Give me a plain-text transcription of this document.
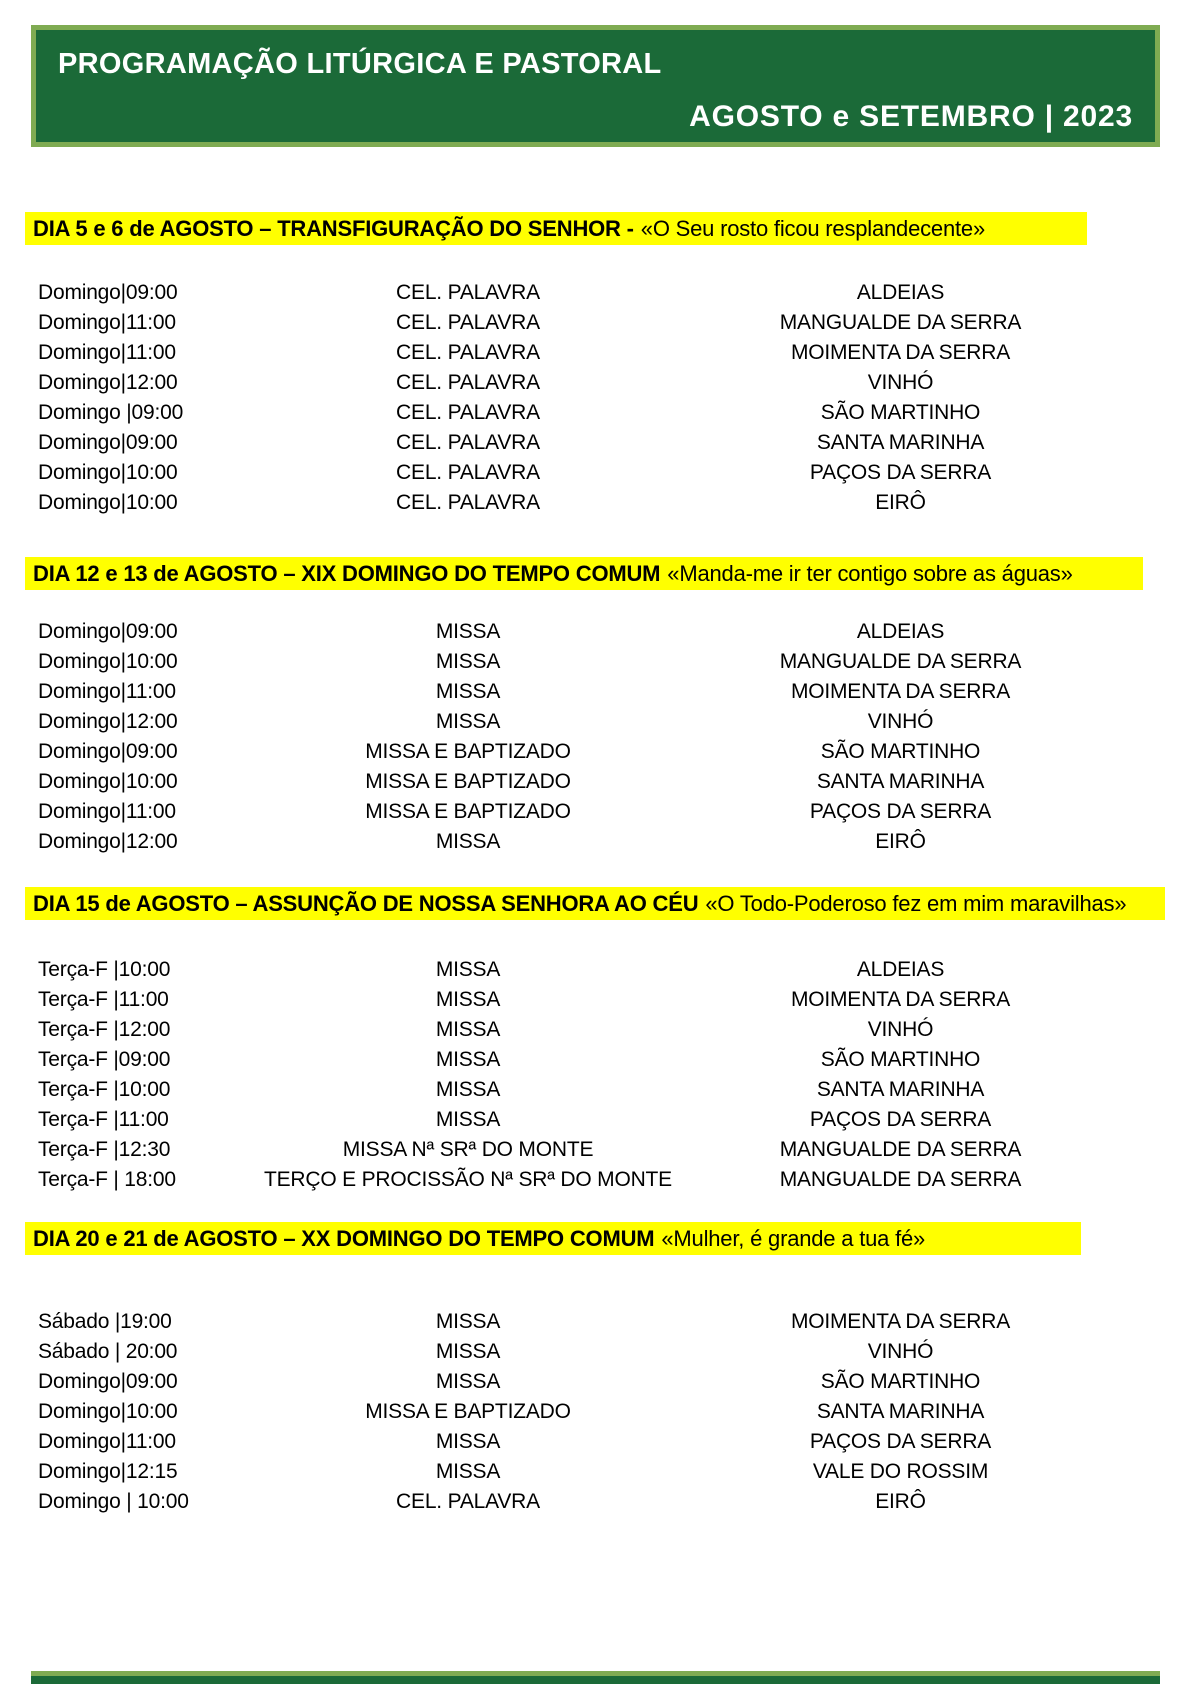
PROGRAMAÇÃO LITÚRGICA E PASTORAL
AGOSTO e SETEMBRO | 2023
DIA 5 e 6 de AGOSTO – TRANSFIGURAÇÃO DO SENHOR - «O Seu rosto ficou resplandecente»
Domingo|09:00	CEL. PALAVRA	ALDEIAS
Domingo|11:00	CEL. PALAVRA	MANGUALDE DA SERRA
Domingo|11:00	CEL. PALAVRA	MOIMENTA DA SERRA
Domingo|12:00	CEL. PALAVRA	VINHÓ
Domingo |09:00	CEL. PALAVRA	SÃO MARTINHO
Domingo|09:00	CEL. PALAVRA	SANTA MARINHA
Domingo|10:00	CEL. PALAVRA	PAÇOS DA SERRA
Domingo|10:00	CEL. PALAVRA	EIRÔ
DIA 12 e 13 de AGOSTO – XIX DOMINGO DO TEMPO COMUM «Manda-me ir ter contigo sobre as águas»
Domingo|09:00	MISSA	ALDEIAS
Domingo|10:00	MISSA	MANGUALDE DA SERRA
Domingo|11:00	MISSA	MOIMENTA DA SERRA
Domingo|12:00	MISSA	VINHÓ
Domingo|09:00	MISSA E BAPTIZADO	SÃO MARTINHO
Domingo|10:00	MISSA E BAPTIZADO	SANTA MARINHA
Domingo|11:00	MISSA E BAPTIZADO	PAÇOS DA SERRA
Domingo|12:00	MISSA	EIRÔ
DIA 15 de AGOSTO – ASSUNÇÃO DE NOSSA SENHORA AO CÉU «O Todo-Poderoso fez em mim maravilhas»
Terça-F |10:00	MISSA	ALDEIAS
Terça-F |11:00	MISSA	MOIMENTA DA SERRA
Terça-F |12:00	MISSA	VINHÓ
Terça-F |09:00	MISSA	SÃO MARTINHO
Terça-F |10:00	MISSA	SANTA MARINHA
Terça-F |11:00	MISSA	PAÇOS DA SERRA
Terça-F |12:30	MISSA Nª SRª DO MONTE	MANGUALDE DA SERRA
Terça-F | 18:00	TERÇO E PROCISSÃO Nª SRª DO MONTE	MANGUALDE DA SERRA
DIA 20 e 21 de AGOSTO – XX DOMINGO DO TEMPO COMUM «Mulher, é grande a tua fé»
Sábado |19:00	MISSA	MOIMENTA DA SERRA
Sábado | 20:00	MISSA	VINHÓ
Domingo|09:00	MISSA	SÃO MARTINHO
Domingo|10:00	MISSA E BAPTIZADO	SANTA MARINHA
Domingo|11:00	MISSA	PAÇOS DA SERRA
Domingo|12:15	MISSA	VALE DO ROSSIM
Domingo | 10:00	CEL. PALAVRA	EIRÔ
